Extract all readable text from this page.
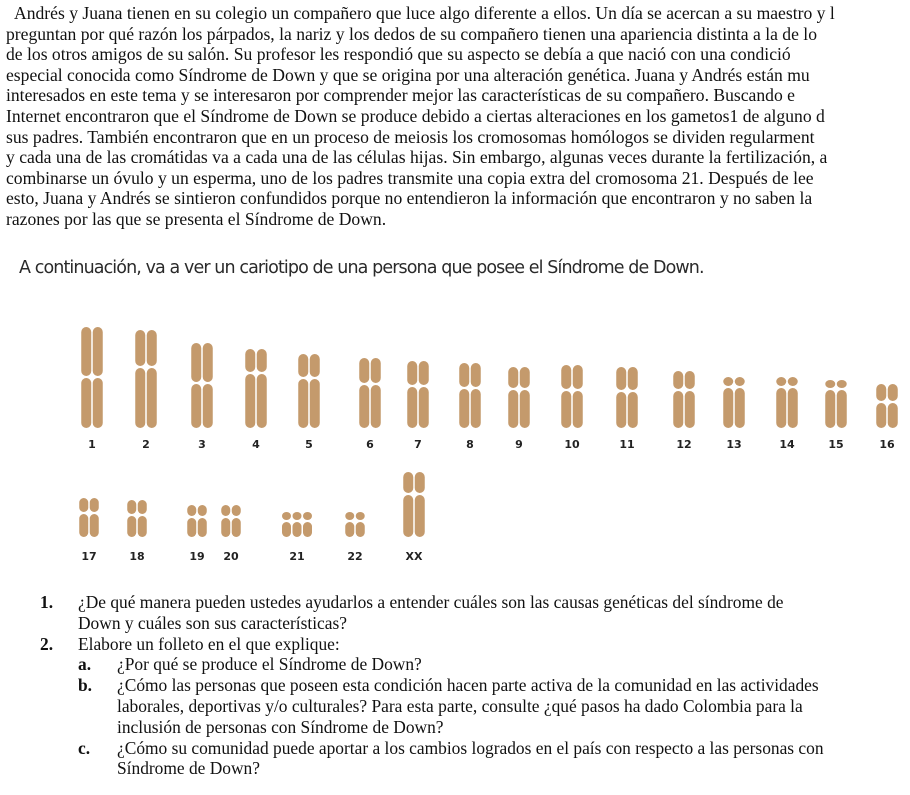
Andrés y Juana tienen en su colegio un compañero que luce algo diferente a ellos. Un día se acercan a su maestro y l
preguntan por qué razón los párpados, la nariz y los dedos de su compañero tienen una apariencia distinta a la de lo
de los otros amigos de su salón. Su profesor les respondió que su aspecto se debía a que nació con una condició
especial conocida como Síndrome de Down y que se origina por una alteración genética. Juana y Andrés están mu
interesados en este tema y se interesaron por comprender mejor las características de su compañero. Buscando e
Internet encontraron que el Síndrome de Down se produce debido a ciertas alteraciones en los gametos1 de alguno d
sus padres. También encontraron que en un proceso de meiosis los cromosomas homólogos se dividen regularment
y cada una de las cromátidas va a cada una de las células hijas. Sin embargo, algunas veces durante la fertilización, a
combinarse un óvulo y un esperma, uno de los padres transmite una copia extra del cromosoma 21. Después de lee
esto, Juana y Andrés se sintieron confundidos porque no entendieron la información que encontraron y no saben la
razones por las que se presenta el Síndrome de Down.
A continuación, va a ver un cariotipo de una persona que posee el Síndrome de Down.
1	2	3	4	5	6	7	8	9	10	11	12	13	14	15	16
17	18	19 20	21	22	XX
1. ¿De qué manera pueden ustedes ayudarlos a entender cuáles son las causas genéticas del síndrome de
Down y cuáles son sus características?
2. Elabore un folleto en el que explique:
a. ¿Por qué se produce el Síndrome de Down?
b. ¿Cómo las personas que poseen esta condición hacen parte activa de la comunidad en las actividades
laborales, deportivas y/o culturales? Para esta parte, consulte ¿qué pasos ha dado Colombia para la
inclusión de personas con Síndrome de Down?
c. ¿Cómo su comunidad puede aportar a los cambios logrados en el país con respecto a las personas con
Síndrome de Down?
